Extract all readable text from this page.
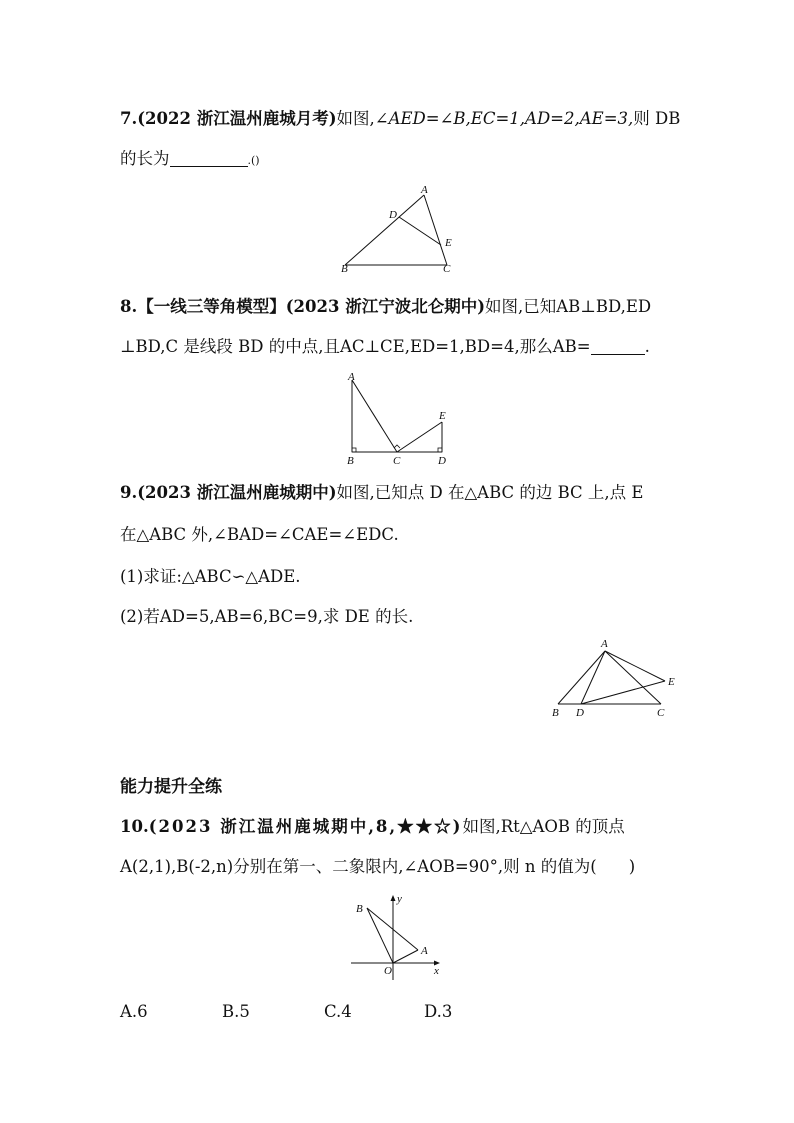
7.(2022 浙江温州鹿城月考)如图,∠AED=∠B,EC=1,AD=2,AE=3,则 DB
的长为	.()
A
B	C
D
E
8.【一线三等角模型】(2023 浙江宁波北仑期中)如图,已知AB⊥BD,ED
⊥BD,C 是线段 BD 的中点,且AC⊥CE,ED=1,BD=4,那么AB=	.
A
B	C	D
E
9.(2023 浙江温州鹿城期中)如图,已知点 D 在△ABC 的边 BC 上,点 E
在△ABC 外,∠BAD=∠CAE=∠EDC.
(1)求证:△ABC∽△ADE.
(2)若AD=5,AB=6,BC=9,求 DE 的长.
A
B	C
D
E
能力提升全练
10.(2023 浙江温州鹿城期中,8,★★☆)如图,Rt△AOB 的顶点
A(2,1),B(-2,n)分别在第一、二象限内,∠AOB=90°,则 n 的值为( )
B
A
O	x
y
A.6	B.5	C.4	D.3
